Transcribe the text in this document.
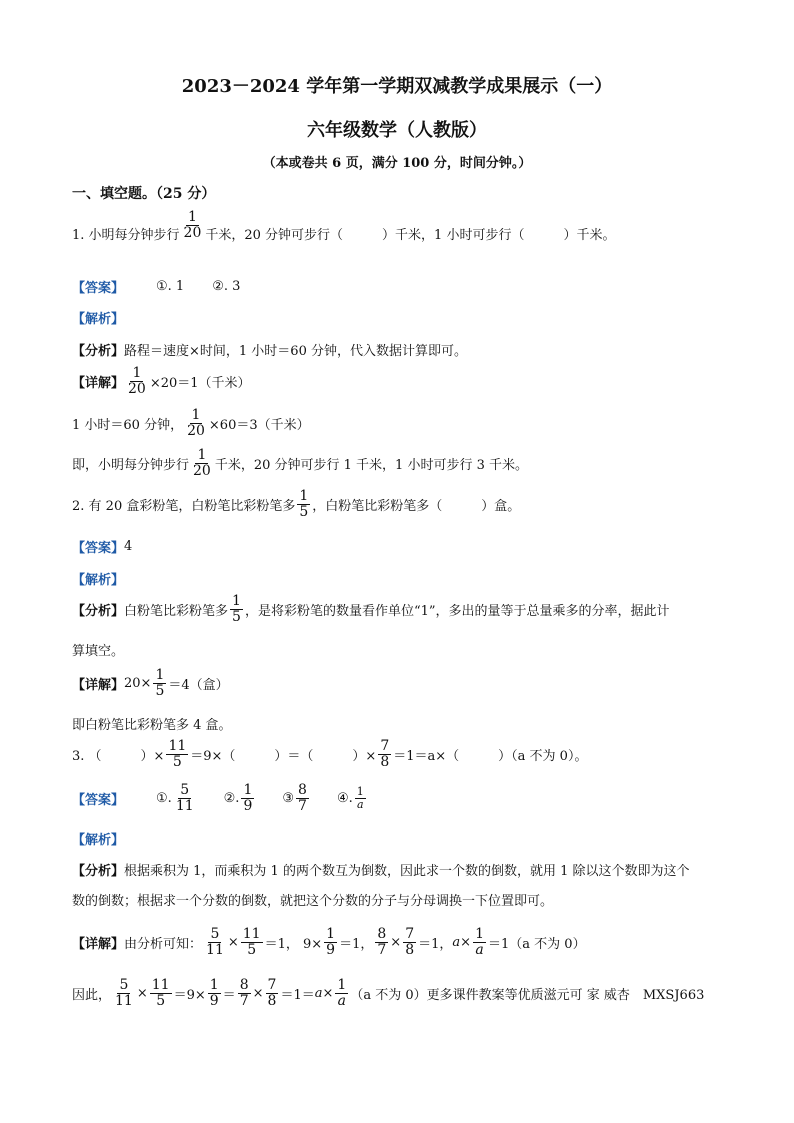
2023－2024 学年第一学期双减教学成果展示（一）
六年级数学（人教版）
（本或卷共 6 页，满分 100 分，时间分钟。）
一、填空题。（25 分）
1. 小明每分钟步行 $\frac{1}{20}$ 千米，20 分钟可步行（　　　）千米，1 小时可步行（　　　）千米。
【答案】 ①. 1 ②. 3
【解析】
【分析】 路程＝速度×时间，1 小时＝60 分钟，代入数据计算即可。
【详解】 $\frac{1}{20} \times 20=1$（千米）
1 小时＝60 分钟， $\frac{1}{20} \times 60=3$（千米）
即，小明每分钟步行 $\frac{1}{20}$ 千米，20 分钟可步行 1 千米，1 小时可步行 3 千米。
2. 有 20 盒彩粉笔，白粉笔比彩粉笔多 $\frac{1}{5}$ ，白粉笔比彩粉笔多（　　　）盒。
【答案】 4
【解析】
【分析】 白粉笔比彩粉笔多 $\frac{1}{5}$ ，是将彩粉笔的数量看作单位“1”，多出的量等于总量乘多的分率，据此计
算填空。
【详解】 $20\times \frac{1}{5} =4$（盒）
即白粉笔比彩粉笔多 4 盒。
3. （　　　）× $\frac{11}{5} =9\times$（　　　）＝（　　　）× $\frac{7}{8} =1=a\times$（　　　）（a 不为 0）。
【答案】 ①. $\frac{5}{11}$ ②. $\frac{1}{9}$ ③ $\frac{8}{7}$ ④. $\frac{1}{a}$
【解析】
【分析】 根据乘积为 1，而乘积为 1 的两个数互为倒数，因此求一个数的倒数，就用 1 除以这个数即为这个
数的倒数；根据求一个分数的倒数，就把这个分数的分子与分母调换一下位置即可。
【详解】 由分析可知： $\frac{5}{11} \times \frac{11}{5} =1$， $9\times \frac{1}{9} =1$， $\frac{8}{7} \times \frac{7}{8} =1$， $a \times \frac{1}{a} =1$ （a 不为 0）
因此， $\frac{5}{11} \times \frac{11}{5} =9\times \frac{1}{9} = \frac{8}{7} \times \frac{7}{8} =1= a \times \frac{1}{a} (a$ 不为 0）更多课件教案等优质滋元可 家 威杏　MXSJ663
